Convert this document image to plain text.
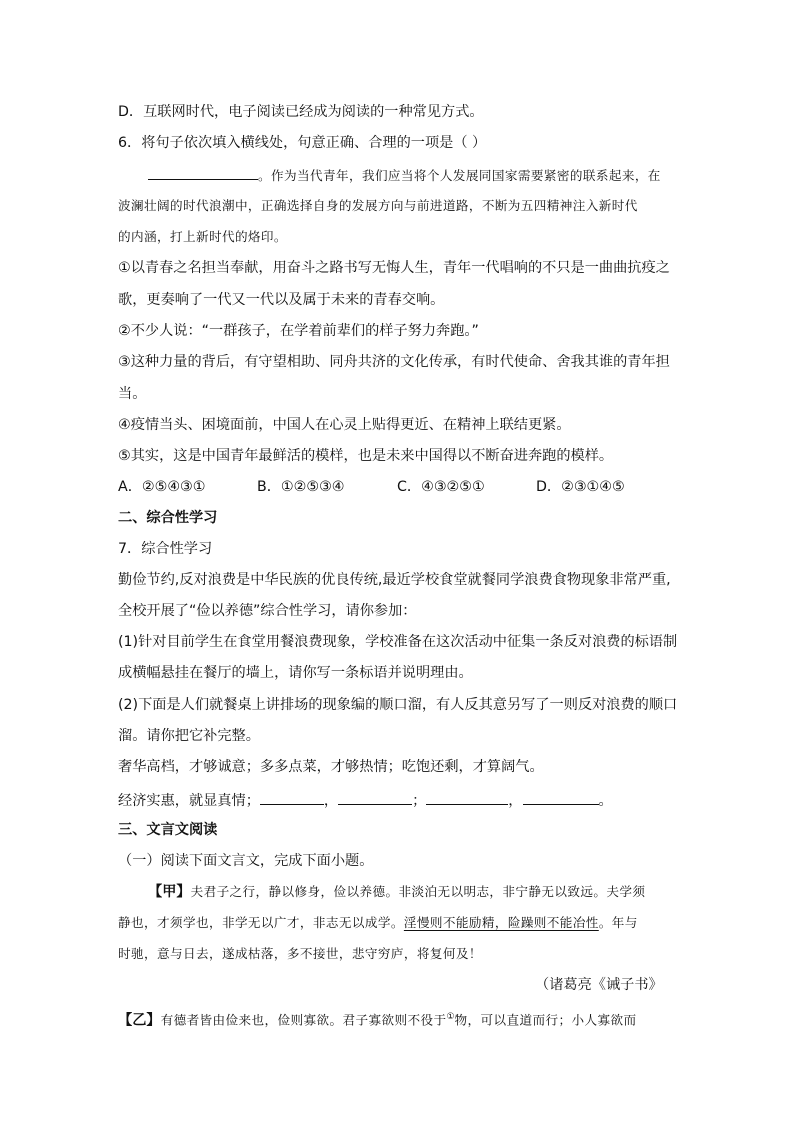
D．互联网时代，电子阅读已经成为阅读的一种常见方式。
6．将句子依次填入横线处，句意正确、合理的一项是（ ）
。作为当代青年，我们应当将个人发展同国家需要紧密的联系起来，在
波澜壮阔的时代浪潮中，正确选择自身的发展方向与前进道路，不断为五四精神注入新时代
的内涵，打上新时代的烙印。
①以青春之名担当奉献，用奋斗之路书写无悔人生，青年一代唱响的不只是一曲曲抗疫之
歌，更奏响了一代又一代以及属于未来的青春交响。
②不少人说：“一群孩子，在学着前辈们的样子努力奔跑。”
③这种力量的背后，有守望相助、同舟共济的文化传承，有时代使命、舍我其谁的青年担
当。
④疫情当头、困境面前，中国人在心灵上贴得更近、在精神上联结更紧。
⑤其实，这是中国青年最鲜活的模样，也是未来中国得以不断奋进奔跑的模样。
A．②⑤④③①	B．①②⑤③④	C．④③②⑤①	D．②③①④⑤
二、综合性学习
7．综合性学习
勤俭节约,反对浪费是中华民族的优良传统,最近学校食堂就餐同学浪费食物现象非常严重,
全校开展了“俭以养德”综合性学习，请你参加：
(1)针对目前学生在食堂用餐浪费现象，学校准备在这次活动中征集一条反对浪费的标语制
成横幅悬挂在餐厅的墙上，请你写一条标语并说明理由。
(2)下面是人们就餐桌上讲排场的现象编的顺口溜，有人反其意另写了一则反对浪费的顺口
溜。请你把它补完整。
奢华高档，才够诚意；多多点菜，才够热情；吃饱还剩，才算阔气。
经济实惠，就显真情；	，	；	，	。
三、文言文阅读
（一）阅读下面文言文，完成下面小题。
【甲】夫君子之行，静以修身，俭以养德。非淡泊无以明志，非宁静无以致远。夫学须
静也，才须学也，非学无以广才，非志无以成学。淫慢则不能励精，险躁则不能冶性。年与
时驰，意与日去，遂成枯落，多不接世，悲守穷庐，将复何及！
（诸葛亮《诫子书》
【乙】有德者皆由俭来也，俭则寡欲。君子寡欲则不役于①物，可以直道而行；小人寡欲而
